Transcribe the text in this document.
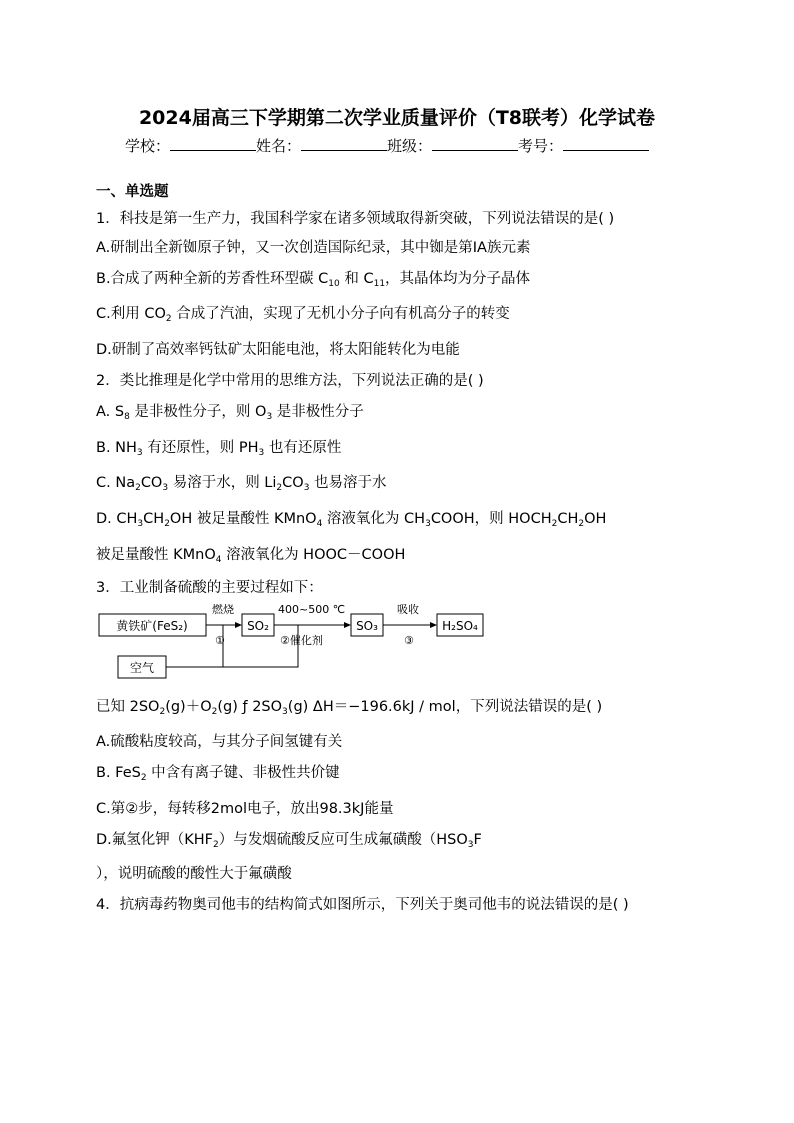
2024届高三下学期第二次学业质量评价（T8联考）化学试卷
学校：	姓名：	班级：	考号：
一、单选题
1．科技是第一生产力，我国科学家在诸多领域取得新突破，下列说法错误的是( )
A.研制出全新铷原子钟，又一次创造国际纪录，其中铷是第ⅠA族元素
B.合成了两种全新的芳香性环型碳 $C_{10}$ 和 $C_{11}$，其晶体均为分子晶体
C.利用 $CO_2$ 合成了汽油，实现了无机小分子向有机高分子的转变
D.研制了高效率钙钛矿太阳能电池，将太阳能转化为电能
2．类比推理是化学中常用的思维方法，下列说法正确的是( )
A. $S_8$ 是非极性分子，则 $O_3$ 是非极性分子
B. $NH_3$ 有还原性，则 $PH_3$ 也有还原性
C. $Na_2CO_3$ 易溶于水，则 $Li_2CO_3$ 也易溶于水
D. $CH_3CH_2OH$ 被足量酸性 KMnO$_4$ 溶液氧化为 $CH_3COOH$，则 $HOCH_2CH_2OH$
被足量酸性 KMnO$_4$ 溶液氧化为 HOOC－COOH
3．工业制备硫酸的主要过程如下：
黄铁矿(FeS₂)	SO₂	SO₃	H₂SO₄
空气
燃烧
①
400~500 ℃
②催化剂
吸收
③
已知 $2SO_2(g)+O_2(g)$ ƒ $2SO_3(g)$ ΔH＝−196.6kJ / mol，下列说法错误的是( )
A.硫酸粘度较高，与其分子间氢键有关
B. FeS$_2$ 中含有离子键、非极性共价键
C.第②步，每转移2mol电子，放出98.3kJ能量
D.氟氢化钾$(KHF_2)$与发烟硫酸反应可生成氟磺酸（$HSO_3F$
），说明硫酸的酸性大于氟磺酸
4．抗病毒药物奥司他韦的结构简式如图所示，下列关于奥司他韦的说法错误的是( )
